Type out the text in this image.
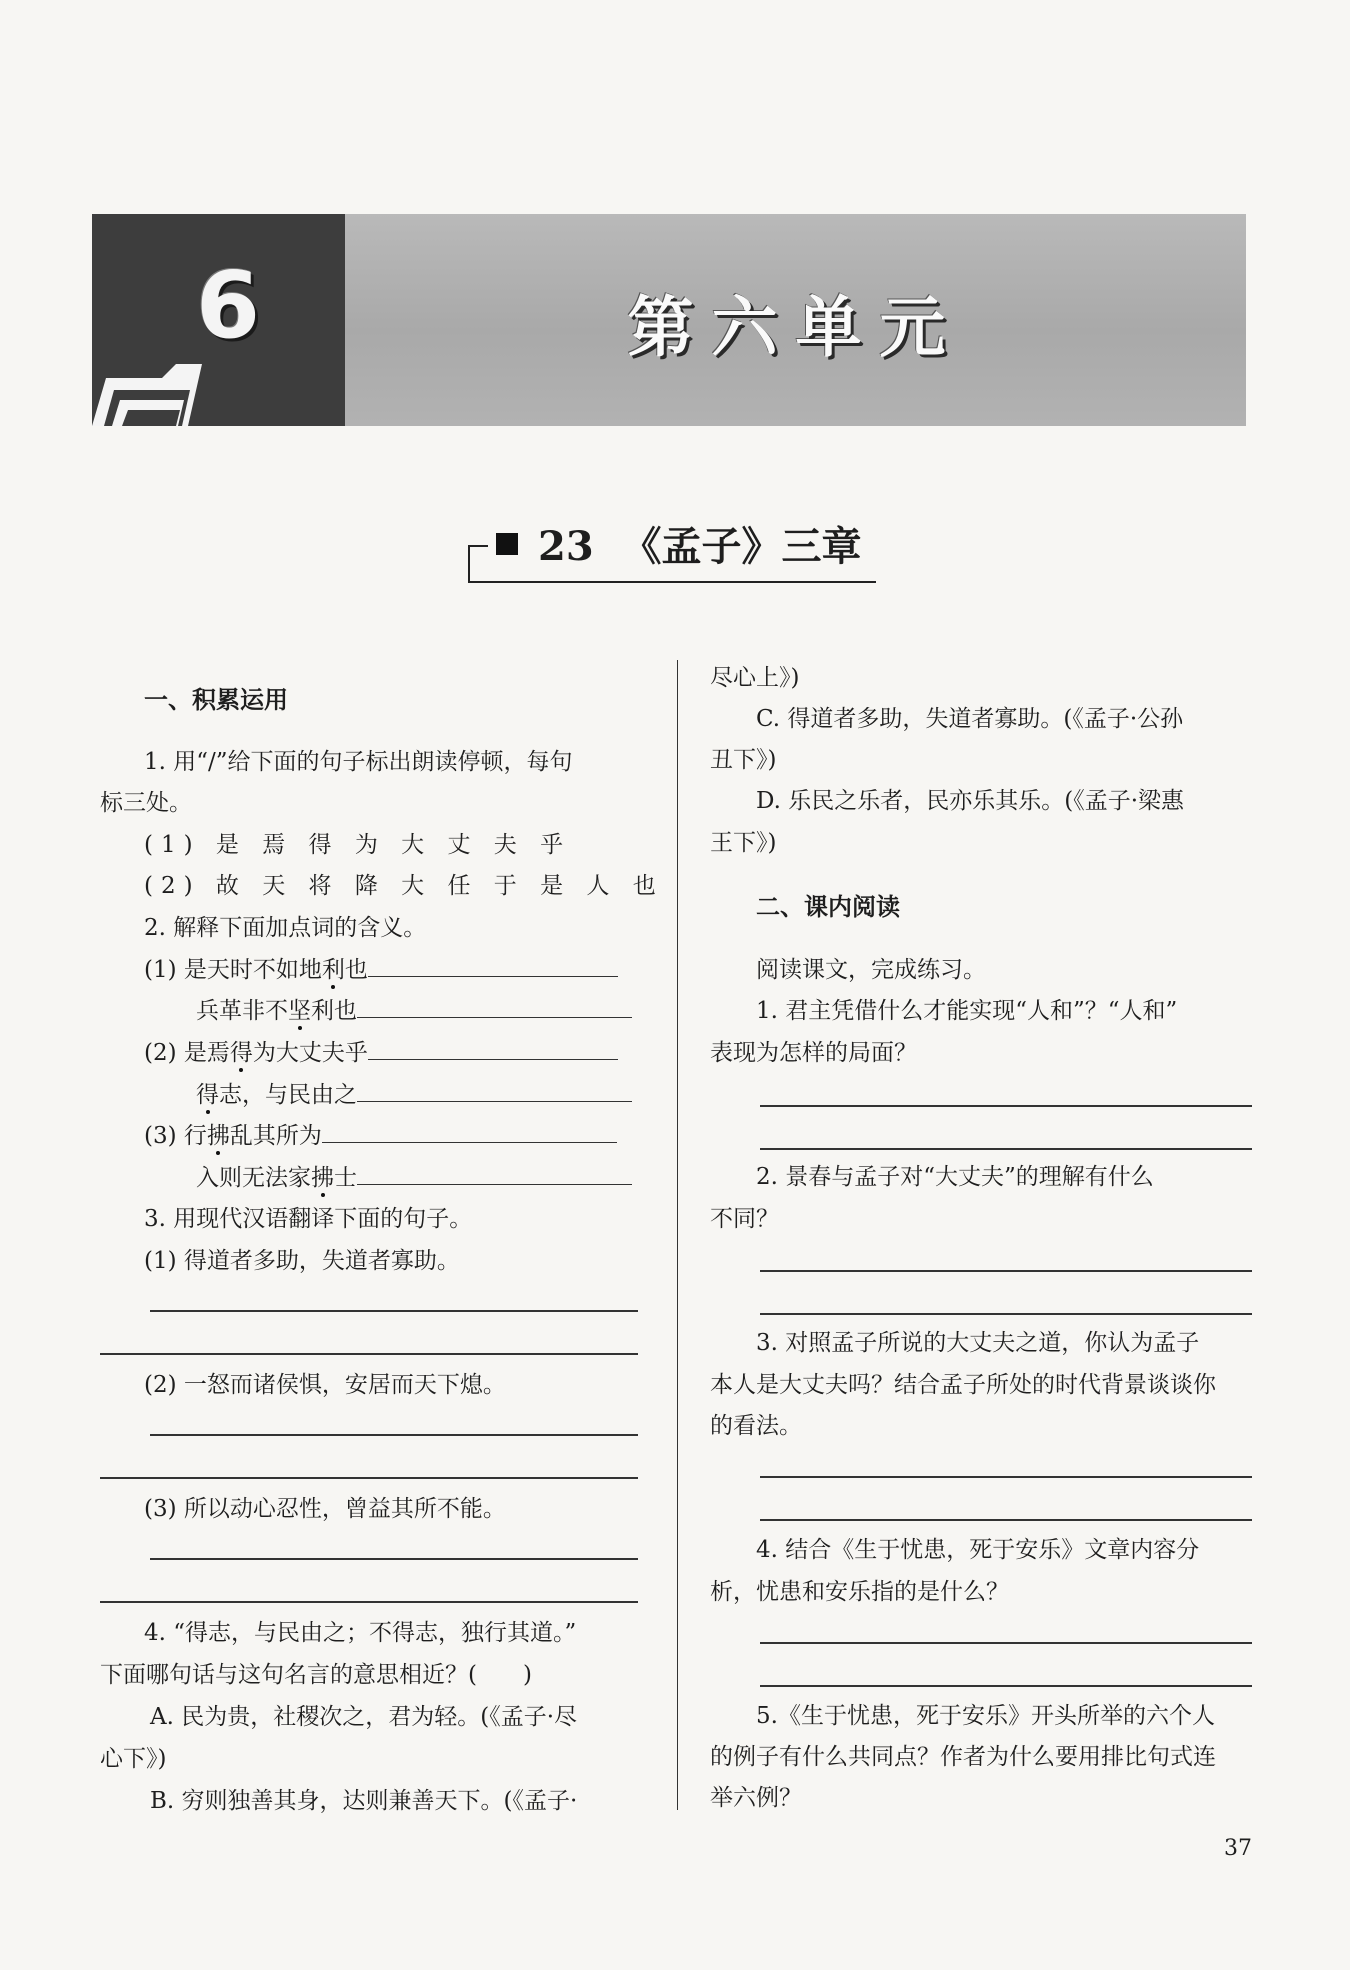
6	第六单元
23 《孟子》三章
一、积累运用
1. 用“/”给下面的句子标出朗读停顿，每句
标三处。
(1) 是 焉 得 为 大 丈 夫 乎
(2) 故 天 将 降 大 任 于 是 人 也
2. 解释下面加点词的含义。
(1) 是天时不如地利也
兵革非不坚利也
(2) 是焉得为大丈夫乎
得志，与民由之
(3) 行拂乱其所为
入则无法家拂士
3. 用现代汉语翻译下面的句子。
(1) 得道者多助，失道者寡助。
(2) 一怒而诸侯惧，安居而天下熄。
(3) 所以动心忍性，曾益其所不能。
4. “得志，与民由之；不得志，独行其道。”
下面哪句话与这句名言的意思相近？(　　)
A. 民为贵，社稷次之，君为轻。(《孟子·尽
心下》)
B. 穷则独善其身，达则兼善天下。(《孟子·
尽心上》)
C. 得道者多助，失道者寡助。(《孟子·公孙
丑下》)
D. 乐民之乐者，民亦乐其乐。(《孟子·梁惠
王下》)
二、课内阅读
阅读课文，完成练习。
1. 君主凭借什么才能实现“人和”？“人和”
表现为怎样的局面？
2. 景春与孟子对“大丈夫”的理解有什么
不同？
3. 对照孟子所说的大丈夫之道，你认为孟子
本人是大丈夫吗？结合孟子所处的时代背景谈谈你
的看法。
4. 结合《生于忧患，死于安乐》文章内容分
析，忧患和安乐指的是什么？
5.《生于忧患，死于安乐》开头所举的六个人
的例子有什么共同点？作者为什么要用排比句式连
举六例？
37
